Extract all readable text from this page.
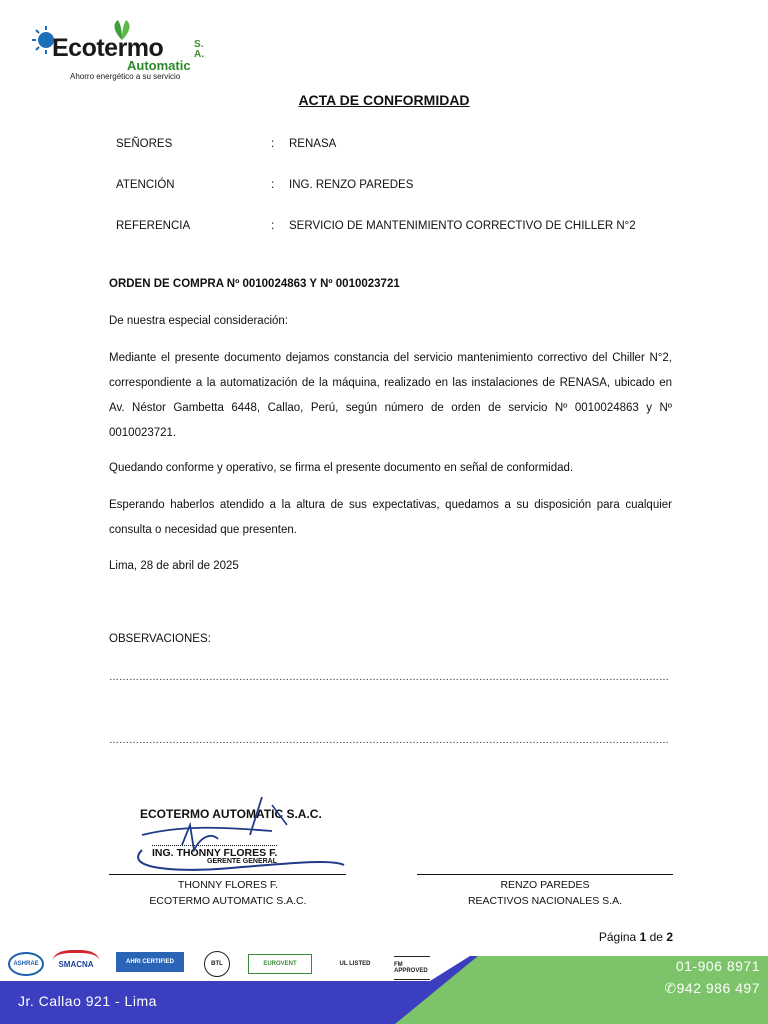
Ecotermo	S.A.
Automatic
Ahorro energético a su servicio
ACTA DE CONFORMIDAD
SEÑORES	: RENASA
ATENCIÓN	: ING. RENZO PAREDES
REFERENCIA	: SERVICIO DE MANTENIMIENTO CORRECTIVO DE CHILLER N°2
ORDEN DE COMPRA Nº 0010024863 Y Nº 0010023721
De nuestra especial consideración:
Mediante el presente documento dejamos constancia del servicio mantenimiento correctivo del Chiller N°2, correspondiente a la automatización de la máquina, realizado en las instalaciones de RENASA, ubicado en Av. Néstor Gambetta 6448, Callao, Perú, según número de orden de servicio Nº 0010024863 y Nº 0010023721.
Quedando conforme y operativo, se firma el presente documento en señal de conformidad.
Esperando haberlos atendido a la altura de sus expectativas, quedamos a su disposición para cualquier consulta o necesidad que presenten.
Lima, 28 de abril de 2025
OBSERVACIONES:
……………………………………………………………………………………………………………………………………………………
……………………………………………………………………………………………………………………………………………………
ECOTERMO AUTOMATIC S.A.C.
ING. THONNY FLORES F.
GERENTE GENERAL
THONNY FLORES F.
ECOTERMO AUTOMATIC S.A.C.
RENZO PAREDES
REACTIVOS NACIONALES S.A.
Página 1 de 2
ASHRAE	SMACNA	AHRI CERTIFIED	BTL	EUROVENT	UL LISTED	FM APPROVED
Jr. Callao 921 - Lima
01-906 8971
✆942 986 497
